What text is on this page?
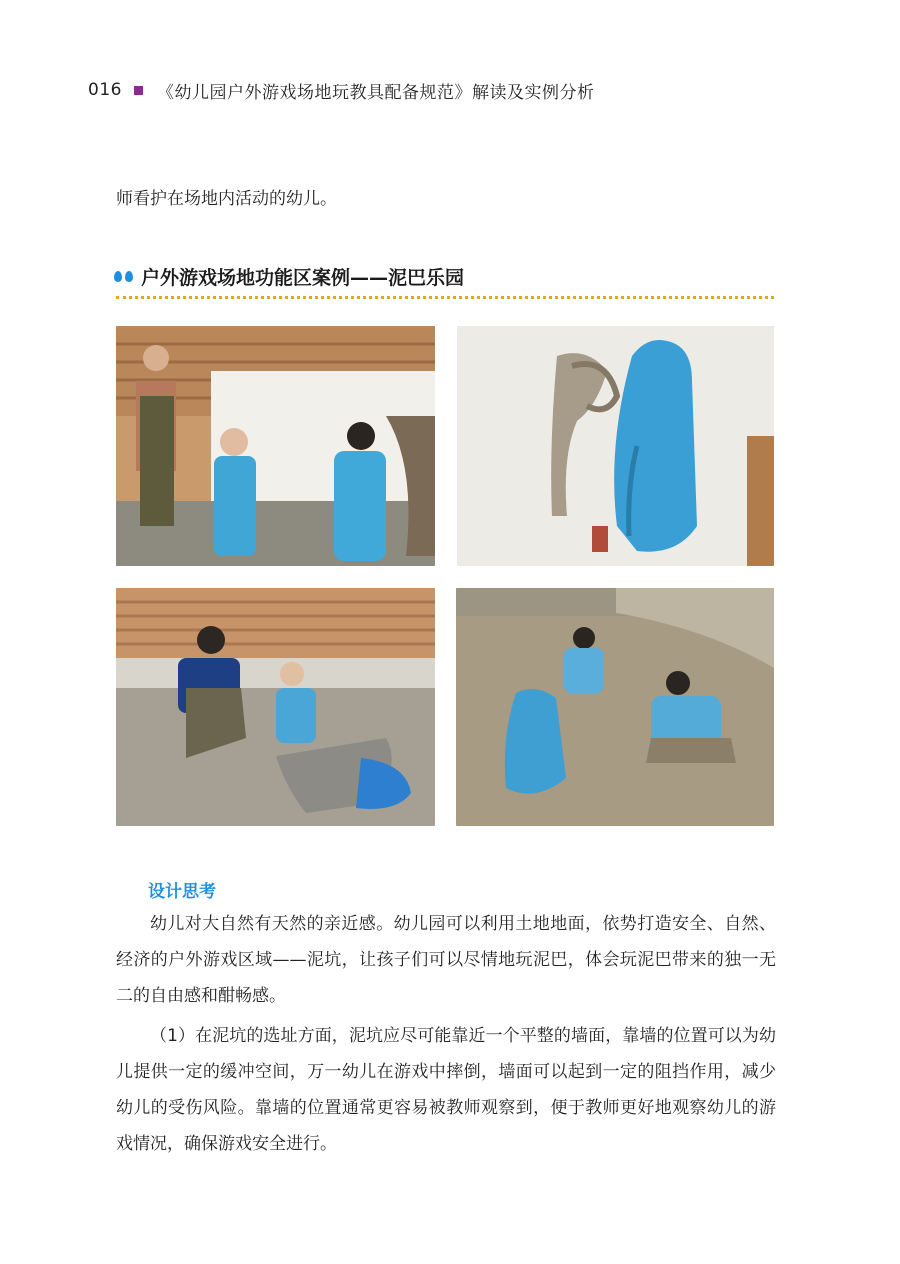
016 《幼儿园户外游戏场地玩教具配备规范》解读及实例分析
师看护在场地内活动的幼儿。
户外游戏场地功能区案例——泥巴乐园
设计思考
幼儿对大自然有天然的亲近感。幼儿园可以利用土地地面，依势打造安全、自然、经济的户外游戏区域——泥坑，让孩子们可以尽情地玩泥巴，体会玩泥巴带来的独一无二的自由感和酣畅感。
（1）在泥坑的选址方面，泥坑应尽可能靠近一个平整的墙面，靠墙的位置可以为幼儿提供一定的缓冲空间，万一幼儿在游戏中摔倒，墙面可以起到一定的阻挡作用，减少幼儿的受伤风险。靠墙的位置通常更容易被教师观察到，便于教师更好地观察幼儿的游戏情况，确保游戏安全进行。
